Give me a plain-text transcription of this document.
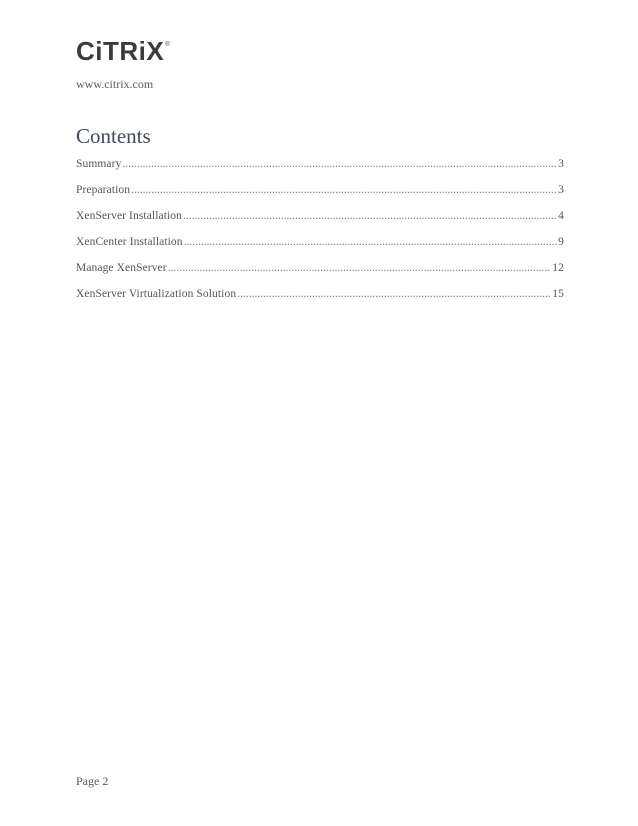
CiTRiX ®
www.citrix.com
Contents
Summary .....	3
Preparation .....	3
XenServer Installation .....	4
XenCenter Installation .....	9
Manage XenServer .....	12
XenServer Virtualization Solution .....	15
Page 2
